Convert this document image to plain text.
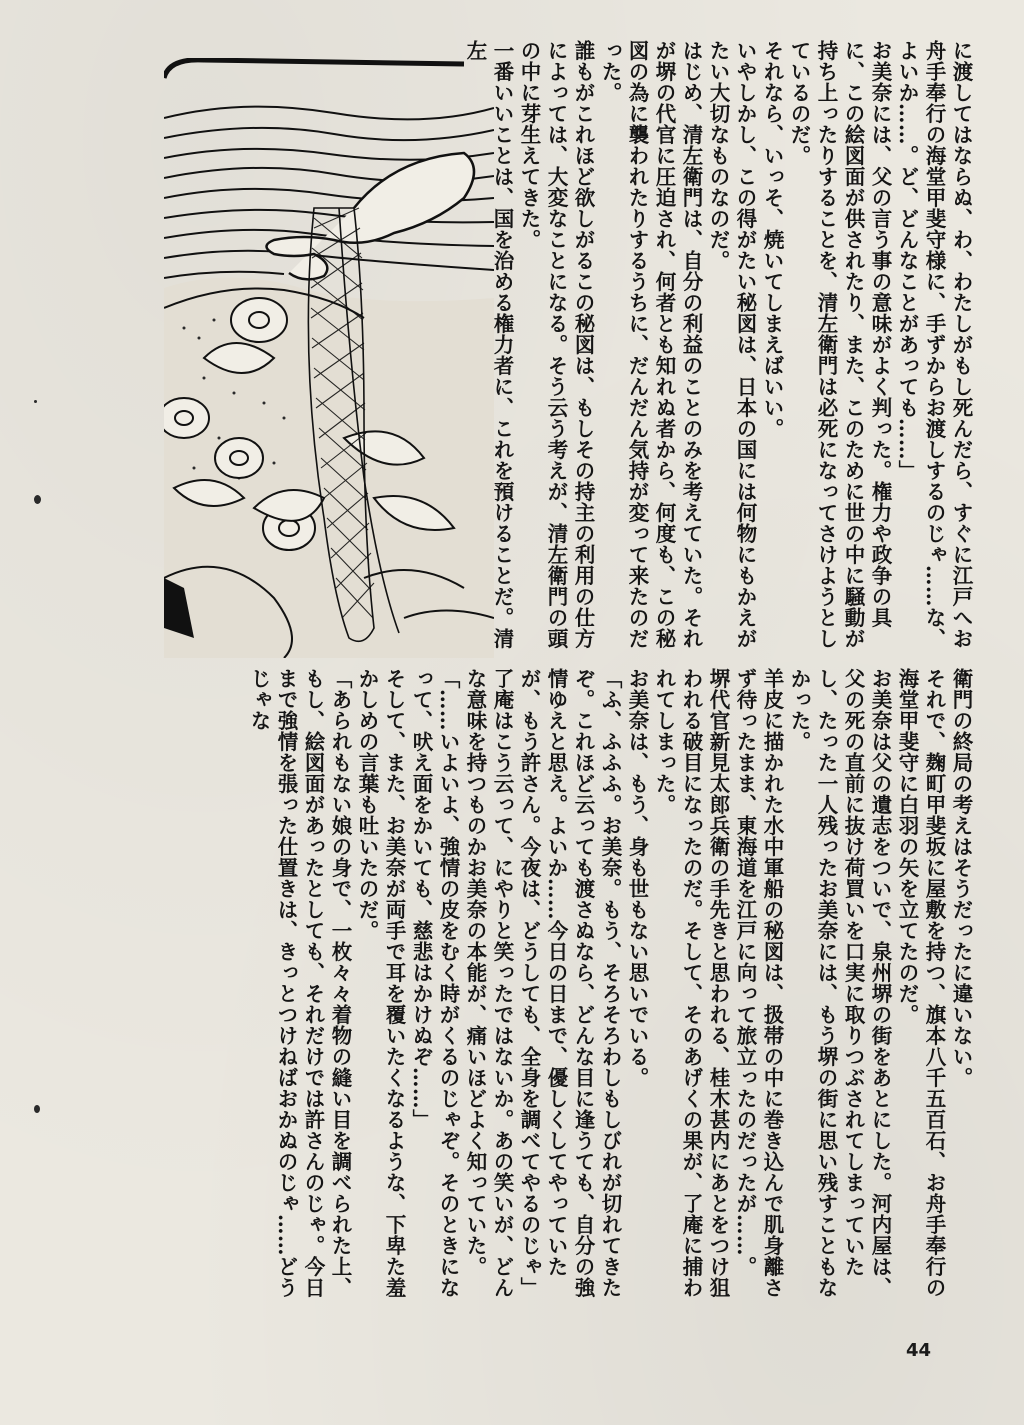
に渡してはならぬ、わ、わたしがもし死んだら、すぐに江戸へお舟手奉行の海堂甲斐守様に、手ずからお渡しするのじゃ……な、よいか……。ど、どんなことがあっても……」

お美奈には、父の言う事の意味がよく判った。権力や政争の具に、この絵図面が供されたり、また、このために世の中に騒動が持ち上ったりすることを、清左衛門は必死になってさけようとしているのだ。

それなら、いっそ、焼いてしまえばいい。

いやしかし、この得がたい秘図は、日本の国には何物にもかえがたい大切なものなのだ。

はじめ、清左衛門は、自分の利益のことのみを考えていた。それが堺の代官に圧迫され、何者とも知れぬ者から、何度も、この秘図の為に襲われたりするうちに、だんだん気持が変って来たのだった。

誰もがこれほど欲しがるこの秘図は、もしその持主の利用の仕方によっては、大変なことになる。そう云う考えが、清左衛門の頭の中に芽生えてきた。

一番いいことは、国を治める権力者に、これを預けることだ。清左

衛門の終局の考えはそうだったに違いない。

それで、麹町甲斐坂に屋敷を持つ、旗本八千五百石、お舟手奉行の海堂甲斐守に白羽の矢を立てたのだ。

お美奈は父の遺志をついで、泉州堺の街をあとにした。河内屋は、父の死の直前に抜け荷買いを口実に取りつぶされてしまっていたし、たった一人残ったお美奈には、もう堺の街に思い残すこともなかった。

羊皮に描かれた水中軍船の秘図は、扱帯の中に巻き込んで肌身離さず待ったまま、東海道を江戸に向って旅立ったのだったが……。

堺代官新見太郎兵衛の手先きと思われる、桂木甚内にあとをつけ狙われる破目になったのだ。そして、そのあげくの果が、了庵に捕われてしまった。

お美奈は、もう、身も世もない思いでいる。

「ふ、ふふふ。お美奈。もう、そろそろわしもしびれが切れてきたぞ。これほど云っても渡さぬなら、どんな目に逢うても、自分の強情ゆえと思え。よいか……今日の日まで、優しくしてやっていたが、もう許さん。今夜は、どうしても、全身を調べてやるのじゃ」

了庵はこう云って、にやりと笑ったではないか。あの笑いが、どんな意味を持つものかお美奈の本能が、痛いほどよく知っていた。

「……いよいよ、強情の皮をむく時がくるのじゃぞ。そのときになって、吠え面をかいても、慈悲はかけぬぞ……」

そして、また、お美奈が両手で耳を覆いたくなるような、下卑た羞かしめの言葉も吐いたのだ。

「あられもない娘の身で、一枚々々着物の縫い目を調べられた上、もし、絵図面があったとしても、それだけでは許さんのじゃ。今日まで強情を張った仕置きは、きっとつけねばおかぬのじゃ……どうじゃな

44
